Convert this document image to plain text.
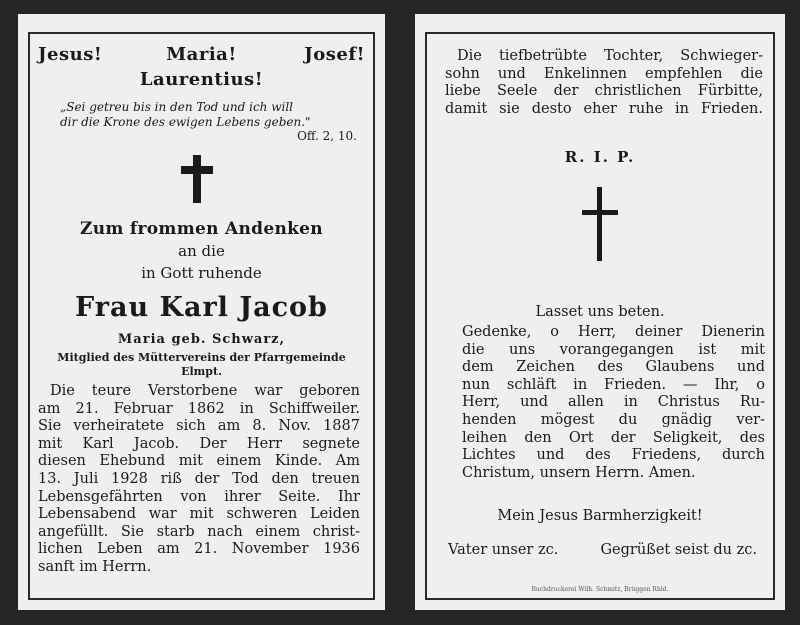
Jesus!	Maria!	Josef!
Laurentius!
„Sei getreu bis in den Tod und ich will
dir die Krone des ewigen Lebens geben."
Off. 2, 10.
Zum frommen Andenken
an die
in Gott ruhende
Frau Karl Jacob
Maria geb. Schwarz,
Mitglied des Müttervereins der Pfarrgemeinde
Elmpt.
Die teure Verstorbene war geboren
am 21. Februar 1862 in Schiffweiler.
Sie verheiratete sich am 8. Nov. 1887
mit Karl Jacob. Der Herr segnete
diesen Ehebund mit einem Kinde. Am
13. Juli 1928 riß der Tod den treuen
Lebensgefährten von ihrer Seite. Ihr
Lebensabend war mit schweren Leiden
angefüllt. Sie starb nach einem christ-
lichen Leben am 21. November 1936
sanft im Herrn.
Die tiefbetrübte Tochter, Schwieger-
sohn und Enkelinnen empfehlen die
liebe Seele der christlichen Fürbitte,
damit sie desto eher ruhe in Frieden.
R. I. P.
Lasset uns beten.
Gedenke, o Herr, deiner Dienerin
die uns vorangegangen ist mit
dem Zeichen des Glaubens und
nun schläft in Frieden. — Ihr, o
Herr, und allen in Christus Ru-
henden mögest du gnädig ver-
leihen den Ort der Seligkeit, des
Lichtes und des Friedens, durch
Christum, unsern Herrn. Amen.
Mein Jesus Barmherzigkeit!
Vater unser zc.	Gegrüßet seist du zc.
Buchdruckerei Wilh. Schmitz, Brüggen Rhld.
